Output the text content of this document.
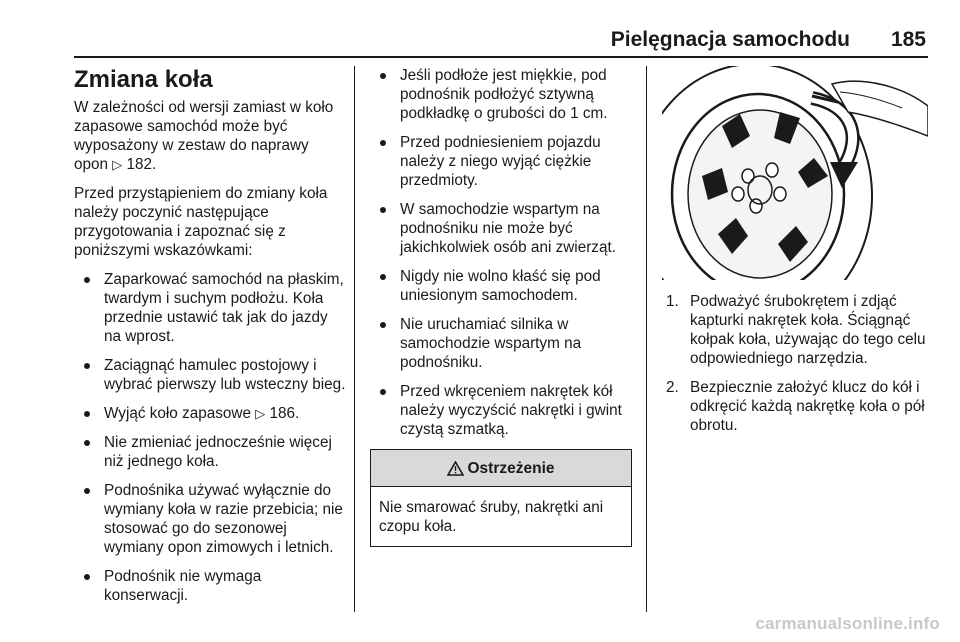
Pielęgnacja samochodu	185
Zmiana koła

W zależności od wersji zamiast w koło zapasowe samochód może być wyposażony w zestaw do naprawy opon ▷ 182.

Przed przystąpieniem do zmiany koła należy poczynić następujące przygotowania i zapoznać się z poniższymi wskazówkami:

Zaparkować samochód na płaskim, twardym i suchym podłożu. Koła przednie ustawić tak jak do jazdy na wprost.
Zaciągnąć hamulec postojowy i wybrać pierwszy lub wsteczny bieg.
Wyjąć koło zapasowe ▷ 186.
Nie zmieniać jednocześnie więcej niż jednego koła.
Podnośnika używać wyłącznie do wymiany koła w razie przebicia; nie stosować go do sezonowej wymiany opon zimowych i letnich.
Podnośnik nie wymaga konserwacji.
Jeśli podłoże jest miękkie, pod podnośnik podłożyć sztywną podkładkę o grubości do 1 cm.
Przed podniesieniem pojazdu należy z niego wyjąć ciężkie przedmioty.
W samochodzie wspartym na podnośniku nie może być jakichkolwiek osób ani zwierząt.
Nigdy nie wolno kłaść się pod uniesionym samochodem.
Nie uruchamiać silnika w samochodzie wspartym na podnośniku.
Przed wkręceniem nakrętek kół należy wyczyścić nakrętki i gwint czystą szmatką.
Ostrzeżenie
Nie smarować śruby, nakrętki ani czopu koła.
1. Podważyć śrubokrętem i zdjąć kapturki nakrętek koła. Ściągnąć kołpak koła, używając do tego celu odpowiedniego narzędzia.
2. Bezpiecznie założyć klucz do kół i odkręcić każdą nakrętkę koła o pół obrotu.
carmanualsonline.info
